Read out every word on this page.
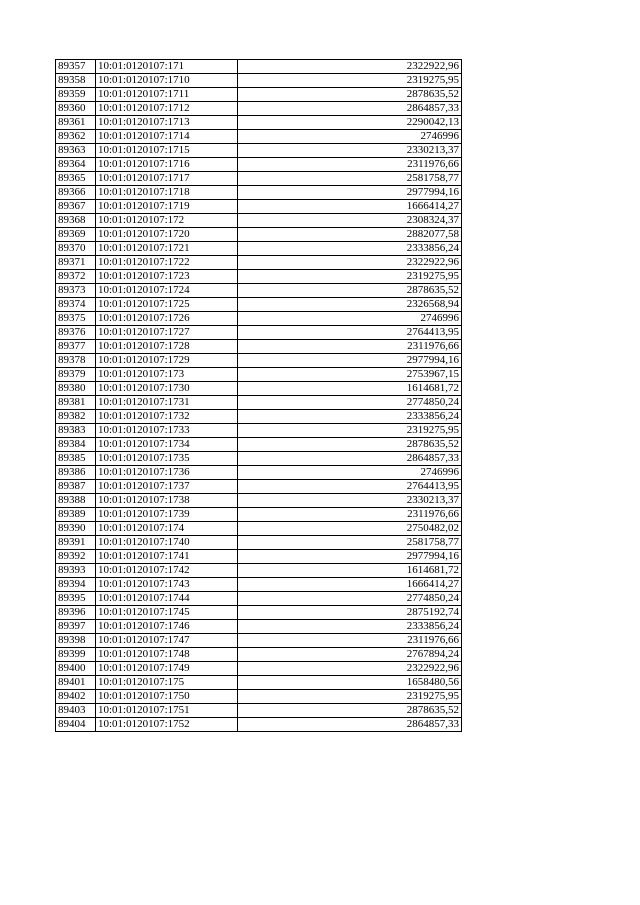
89357	10:01:0120107:171	2322922,96
89358	10:01:0120107:1710	2319275,95
89359	10:01:0120107:1711	2878635,52
89360	10:01:0120107:1712	2864857,33
89361	10:01:0120107:1713	2290042,13
89362	10:01:0120107:1714	2746996
89363	10:01:0120107:1715	2330213,37
89364	10:01:0120107:1716	2311976,66
89365	10:01:0120107:1717	2581758,77
89366	10:01:0120107:1718	2977994,16
89367	10:01:0120107:1719	1666414,27
89368	10:01:0120107:172	2308324,37
89369	10:01:0120107:1720	2882077,58
89370	10:01:0120107:1721	2333856,24
89371	10:01:0120107:1722	2322922,96
89372	10:01:0120107:1723	2319275,95
89373	10:01:0120107:1724	2878635,52
89374	10:01:0120107:1725	2326568,94
89375	10:01:0120107:1726	2746996
89376	10:01:0120107:1727	2764413,95
89377	10:01:0120107:1728	2311976,66
89378	10:01:0120107:1729	2977994,16
89379	10:01:0120107:173	2753967,15
89380	10:01:0120107:1730	1614681,72
89381	10:01:0120107:1731	2774850,24
89382	10:01:0120107:1732	2333856,24
89383	10:01:0120107:1733	2319275,95
89384	10:01:0120107:1734	2878635,52
89385	10:01:0120107:1735	2864857,33
89386	10:01:0120107:1736	2746996
89387	10:01:0120107:1737	2764413,95
89388	10:01:0120107:1738	2330213,37
89389	10:01:0120107:1739	2311976,66
89390	10:01:0120107:174	2750482,02
89391	10:01:0120107:1740	2581758,77
89392	10:01:0120107:1741	2977994,16
89393	10:01:0120107:1742	1614681,72
89394	10:01:0120107:1743	1666414,27
89395	10:01:0120107:1744	2774850,24
89396	10:01:0120107:1745	2875192,74
89397	10:01:0120107:1746	2333856,24
89398	10:01:0120107:1747	2311976,66
89399	10:01:0120107:1748	2767894,24
89400	10:01:0120107:1749	2322922,96
89401	10:01:0120107:175	1658480,56
89402	10:01:0120107:1750	2319275,95
89403	10:01:0120107:1751	2878635,52
89404	10:01:0120107:1752	2864857,33
